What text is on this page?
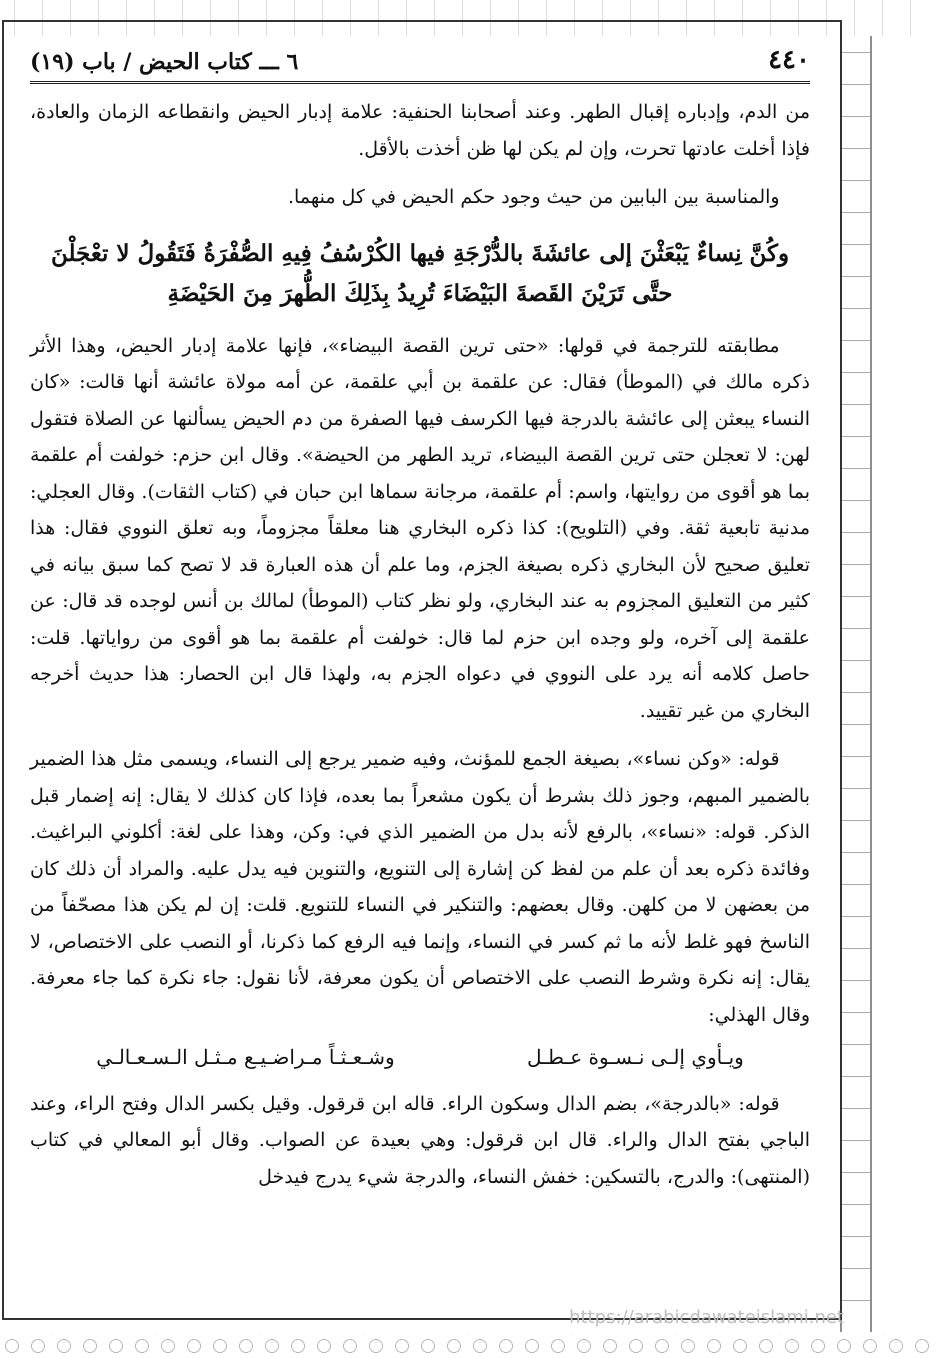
٤٤٠
٦ ـــ كتاب الحيض / باب (١٩)

من الدم، وإدباره إقبال الطهر. وعند أصحابنا الحنفية: علامة إدبار الحيض وانقطاعه الزمان والعادة، فإذا أخلت عادتها تحرت، وإن لم يكن لها ظن أخذت بالأقل.

والمناسبة بين البابين من حيث وجود حكم الحيض في كل منهما.

وكُنَّ نِساءٌ يَبْعَثْنَ إلى عائشَةَ بالدُّرْجَةِ فيها الكُرْسُفُ فِيهِ الصُّفْرَةُ فَتَقُولُ لا تعْجَلْنَ حتَّى تَرَيْنَ القَصةَ البَيْضَاءَ تُرِيدُ بِذَلِكَ الطُّهرَ مِنَ الحَيْضَةِ

مطابقته للترجمة في قولها: «حتى ترين القصة البيضاء»، فإنها علامة إدبار الحيض، وهذا الأثر ذكره مالك في (الموطأ) فقال: عن علقمة بن أبي علقمة، عن أمه مولاة عائشة أنها قالت: «كان النساء يبعثن إلى عائشة بالدرجة فيها الكرسف فيها الصفرة من دم الحيض يسألنها عن الصلاة فتقول لهن: لا تعجلن حتى ترين القصة البيضاء، تريد الطهر من الحيضة». وقال ابن حزم: خولفت أم علقمة بما هو أقوى من روايتها، واسم: أم علقمة، مرجانة سماها ابن حبان في (كتاب الثقات). وقال العجلي: مدنية تابعية ثقة. وفي (التلويح): كذا ذكره البخاري هنا معلقاً مجزوماً، وبه تعلق النووي فقال: هذا تعليق صحيح لأن البخاري ذكره بصيغة الجزم، وما علم أن هذه العبارة قد لا تصح كما سبق بيانه في كثير من التعليق المجزوم به عند البخاري، ولو نظر كتاب (الموطأ) لمالك بن أنس لوجده قد قال: عن علقمة إلى آخره، ولو وجده ابن حزم لما قال: خولفت أم علقمة بما هو أقوى من رواياتها. قلت: حاصل كلامه أنه يرد على النووي في دعواه الجزم به، ولهذا قال ابن الحصار: هذا حديث أخرجه البخاري من غير تقييد.

قوله: «وكن نساء»، بصيغة الجمع للمؤنث، وفيه ضمير يرجع إلى النساء، ويسمى مثل هذا الضمير بالضمير المبهم، وجوز ذلك بشرط أن يكون مشعراً بما بعده، فإذا كان كذلك لا يقال: إنه إضمار قبل الذكر. قوله: «نساء»، بالرفع لأنه بدل من الضمير الذي في: وكن، وهذا على لغة: أكلوني البراغيث. وفائدة ذكره بعد أن علم من لفظ كن إشارة إلى التنويع، والتنوين فيه يدل عليه. والمراد أن ذلك كان من بعضهن لا من كلهن. وقال بعضهم: والتنكير في النساء للتنويع. قلت: إن لم يكن هذا مصحّفاً من الناسخ فهو غلط لأنه ما ثم كسر في النساء، وإنما فيه الرفع كما ذكرنا، أو النصب على الاختصاص، لا يقال: إنه نكرة وشرط النصب على الاختصاص أن يكون معرفة، لأنا نقول: جاء نكرة كما جاء معرفة. وقال الهذلي:

ويـأوي إلـى نـسـوة عـطـل
وشـعـثـاً مـراضـيـع مـثـل الـسـعـالـي

قوله: «بالدرجة»، بضم الدال وسكون الراء. قاله ابن قرقول. وقيل بكسر الدال وفتح الراء، وعند الباجي بفتح الدال والراء. قال ابن قرقول: وهي بعيدة عن الصواب. وقال أبو المعالي في كتاب (المنتهى): والدرج، بالتسكين: خفش النساء، والدرجة شيء يدرج فيدخل

https://arabicdawateislami.net
